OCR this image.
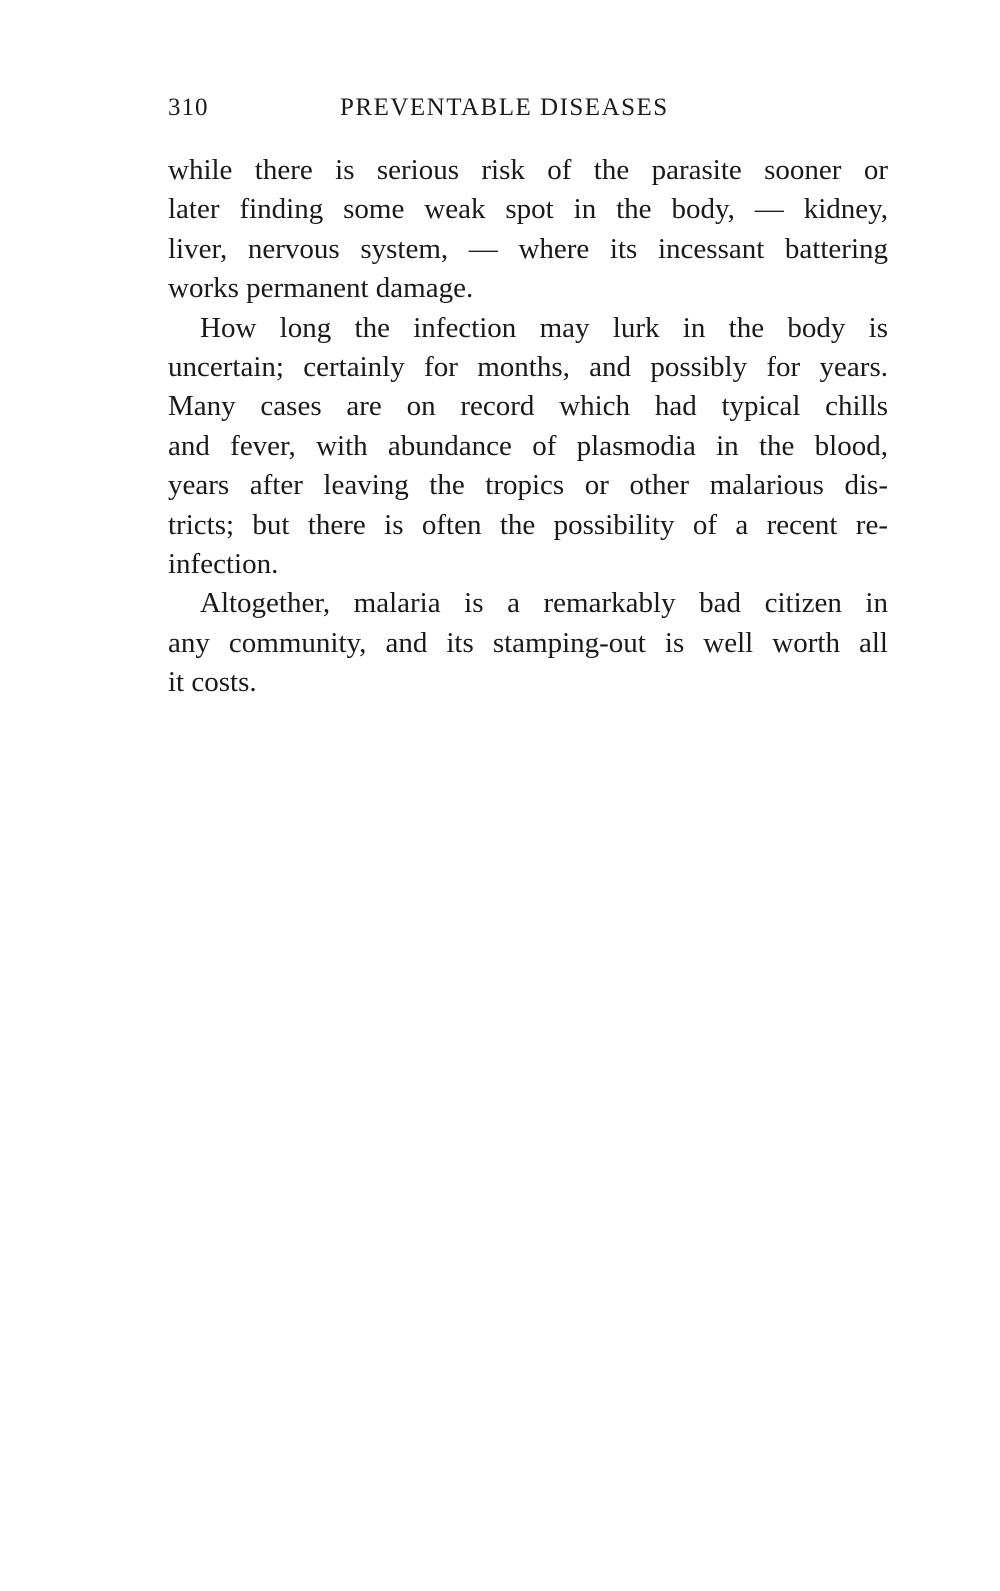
310	PREVENTABLE DISEASES
while there is serious risk of the parasite sooner or
later finding some weak spot in the body, — kidney,
liver, nervous system, — where its incessant battering
works permanent damage.
How long the infection may lurk in the body is
uncertain; certainly for months, and possibly for years.
Many cases are on record which had typical chills
and fever, with abundance of plasmodia in the blood,
years after leaving the tropics or other malarious dis-
tricts; but there is often the possibility of a recent re-
infection.
Altogether, malaria is a remarkably bad citizen in
any community, and its stamping-out is well worth all
it costs.
